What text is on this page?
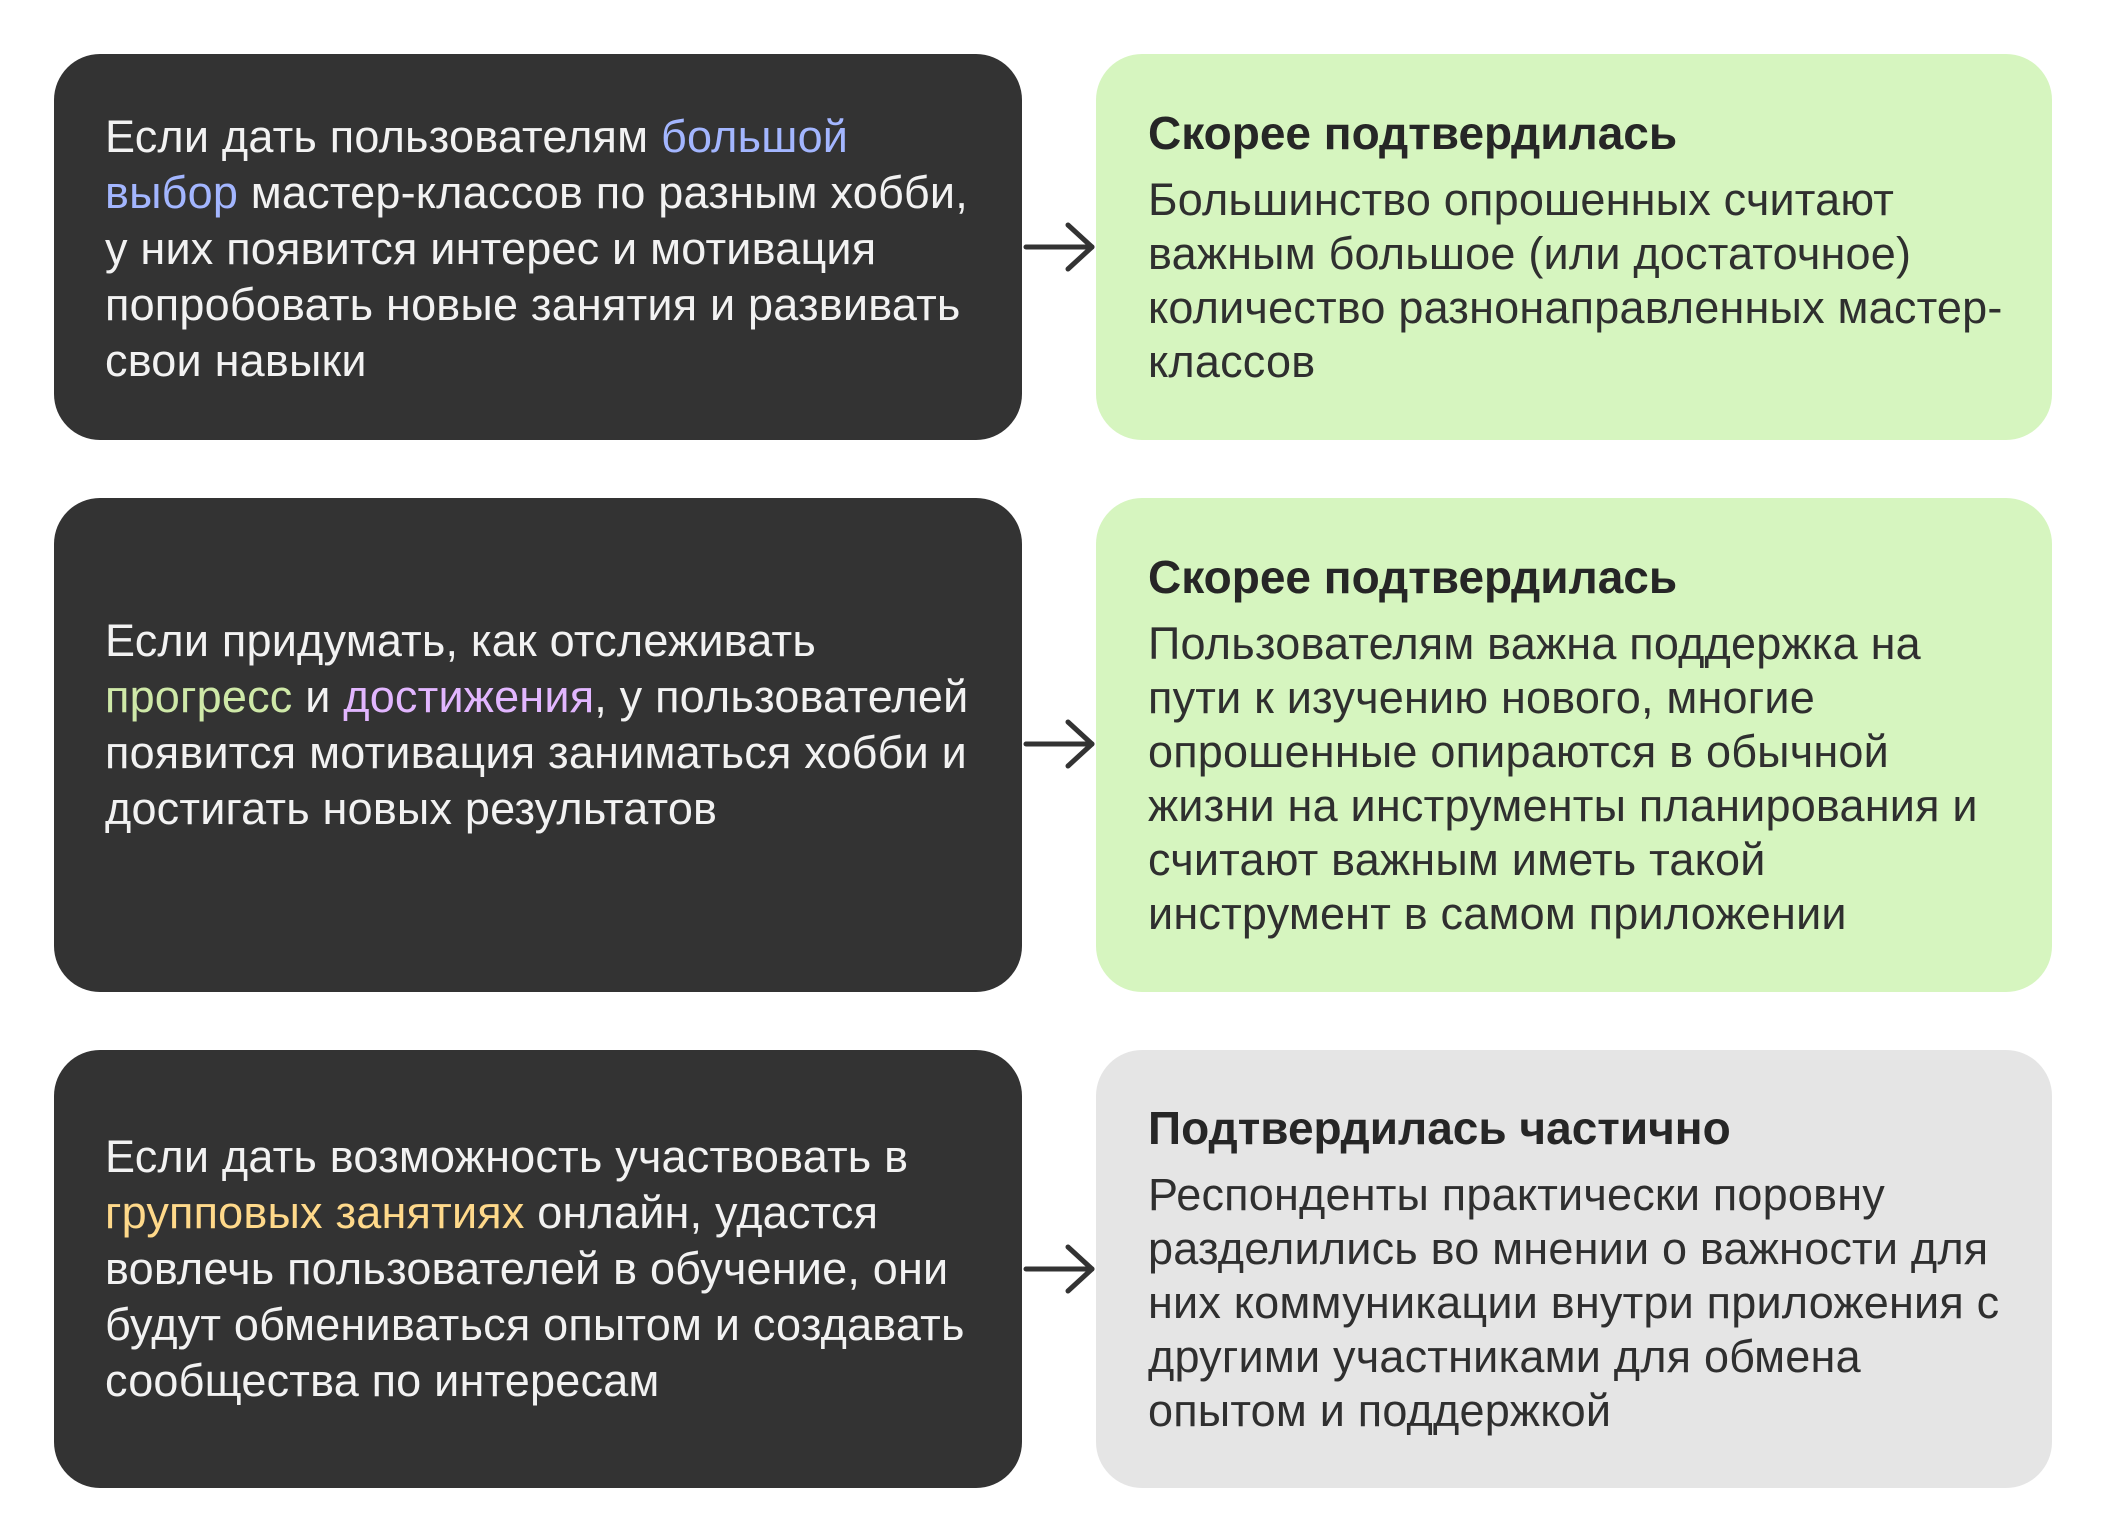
Если дать пользователям большой выбор мастер-классов по разным хобби, у них появится интерес и мотивация попробовать новые занятия и развивать свои навыки
Скорее подтвердилась
Большинство опрошенных считают важным большое (или достаточное) количество разнонаправленных мастер-классов
Если придумать, как отслеживать прогресс и достижения, у пользователей появится мотивация заниматься хобби и достигать новых результатов
Скорее подтвердилась
Пользователям важна поддержка на пути к изучению нового, многие опрошенные опираются в обычной жизни на инструменты планирования и считают важным иметь такой инструмент в самом приложении
Если дать возможность участвовать в групповых занятиях онлайн, удастся вовлечь пользователей в обучение, они будут обмениваться опытом и создавать сообщества по интересам
Подтвердилась частично
Респонденты практически поровну разделились во мнении о важности для них коммуникации внутри приложения с другими участниками для обмена опытом и поддержкой
